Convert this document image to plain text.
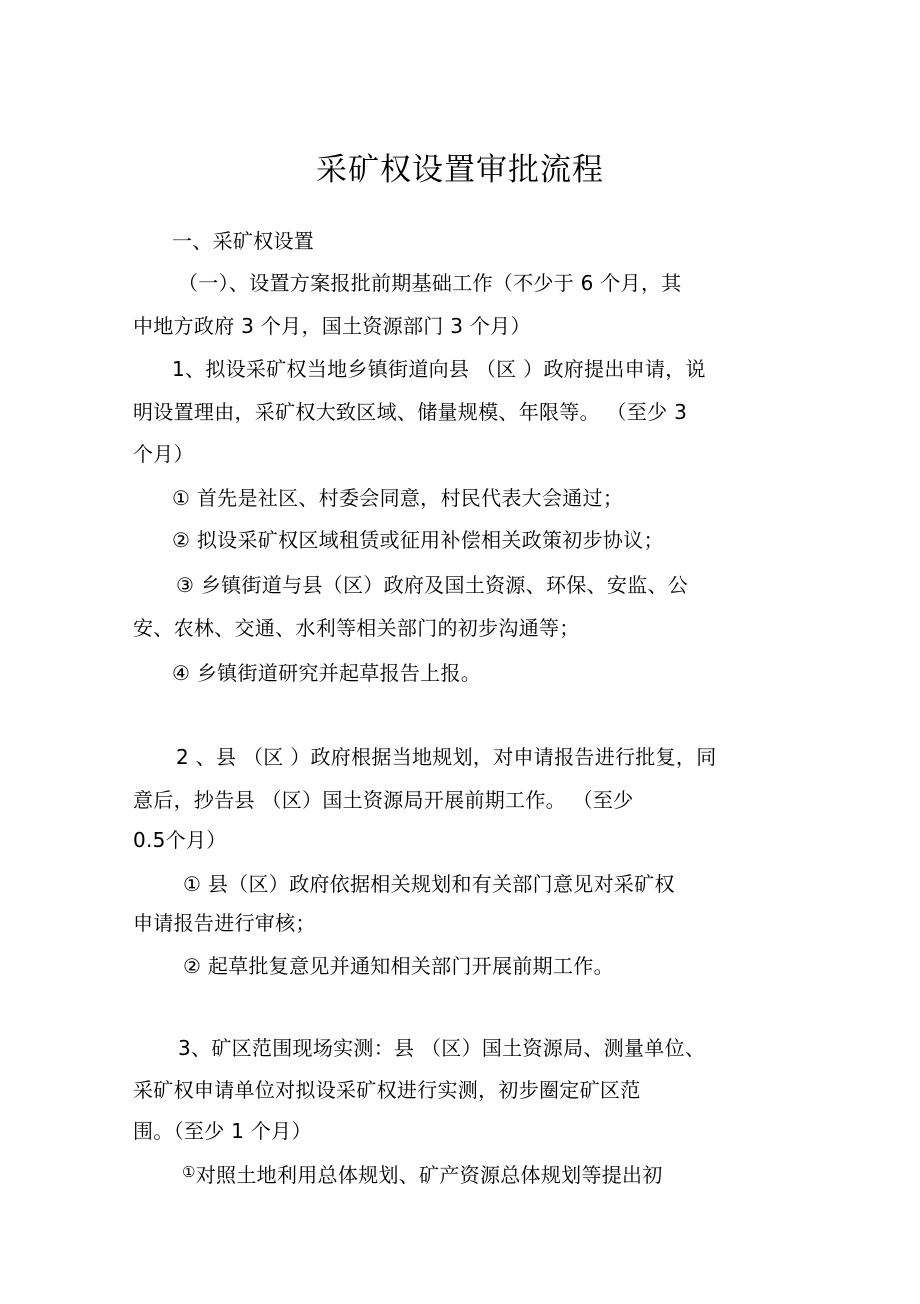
采矿权设置审批流程
一、采矿权设置
（一）、设置方案报批前期基础工作（不少于 6 个月，其
中地方政府 3 个月，国土资源部门 3 个月）
1、拟设采矿权当地乡镇街道向县 （区 ）政府提出申请，说
明设置理由，采矿权大致区域、储量规模、年限等。 （至少 3
个月）
① 首先是社区、村委会同意，村民代表大会通过；
② 拟设采矿权区域租赁或征用补偿相关政策初步协议；
③ 乡镇街道与县（区）政府及国土资源、环保、安监、公
安、农林、交通、水利等相关部门的初步沟通等；
④ 乡镇街道研究并起草报告上报。
2 、县 （区 ）政府根据当地规划，对申请报告进行批复，同
意后，抄告县 （区）国土资源局开展前期工作。 （至少
0.5个月）
① 县（区）政府依据相关规划和有关部门意见对采矿权
申请报告进行审核；
② 起草批复意见并通知相关部门开展前期工作。
3、矿区范围现场实测：县 （区）国土资源局、测量单位、
采矿权申请单位对拟设采矿权进行实测，初步圈定矿区范
围。（至少 1 个月）
①对照土地利用总体规划、矿产资源总体规划等提出初
